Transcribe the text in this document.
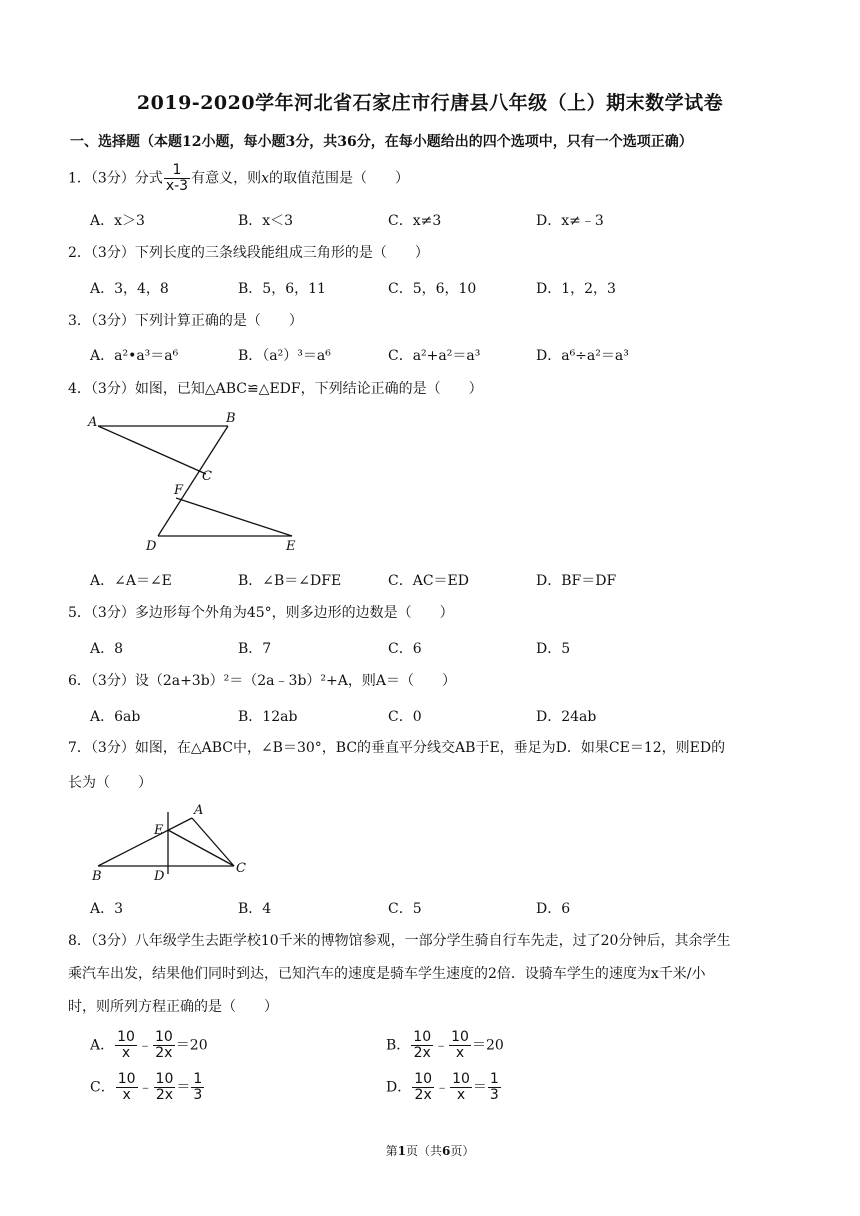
2019-2020学年河北省石家庄市行唐县八年级（上）期末数学试卷
一、选择题（本题12小题，每小题3分，共36分，在每小题给出的四个选项中，只有一个选项正确）
1．（3分）分式 $\frac{1}{x-3}$ 有意义，则x的取值范围是（　　）
A．x＞3	B．x＜3	C．x≠3	D．x≠﹣3
2．（3分）下列长度的三条线段能组成三角形的是（　　）
A．3，4，8	B．5，6，11	C．5，6，10	D．1，2，3
3．（3分）下列计算正确的是（　　）
A．a²•a³＝a⁶	B．（a²）³＝a⁶	C．a²+a²＝a³	D．a⁶÷a²＝a³
4．（3分）如图，已知△ABC≌△EDF，下列结论正确的是（　　）
A	B
C
F
D	E
A．∠A＝∠E	B．∠B＝∠DFE	C．AC＝ED	D．BF＝DF
5．（3分）多边形每个外角为45°，则多边形的边数是（　　）
A．8	B．7	C．6	D．5
6．（3分）设（2a+3b）²＝（2a﹣3b）²+A，则A＝（　　）
A．6ab	B．12ab	C．0	D．24ab
7．（3分）如图，在△ABC中，∠B＝30°，BC的垂直平分线交AB于E，垂足为D．如果CE＝12，则ED的
长为（　　）
A
E
B	D
C
A．3	B．4	C．5	D．6
8．（3分）八年级学生去距学校10千米的博物馆参观，一部分学生骑自行车先走，过了20分钟后，其余学生
乘汽车出发，结果他们同时到达，已知汽车的速度是骑车学生速度的2倍．设骑车学生的速度为x千米/小
时，则所列方程正确的是（　　）
A． $\frac{10}{x}$ ﹣ $\frac{10}{2x} =20$	B． $\frac{10}{2x}$ ﹣ $\frac{10}{x} =20$
C． $\frac{10}{x}$ ﹣ $\frac{10}{2x} = \frac{1}{3}$	D． $\frac{10}{2x}$ ﹣ $\frac{10}{x} = \frac{1}{3}$
第1页（共6页）
